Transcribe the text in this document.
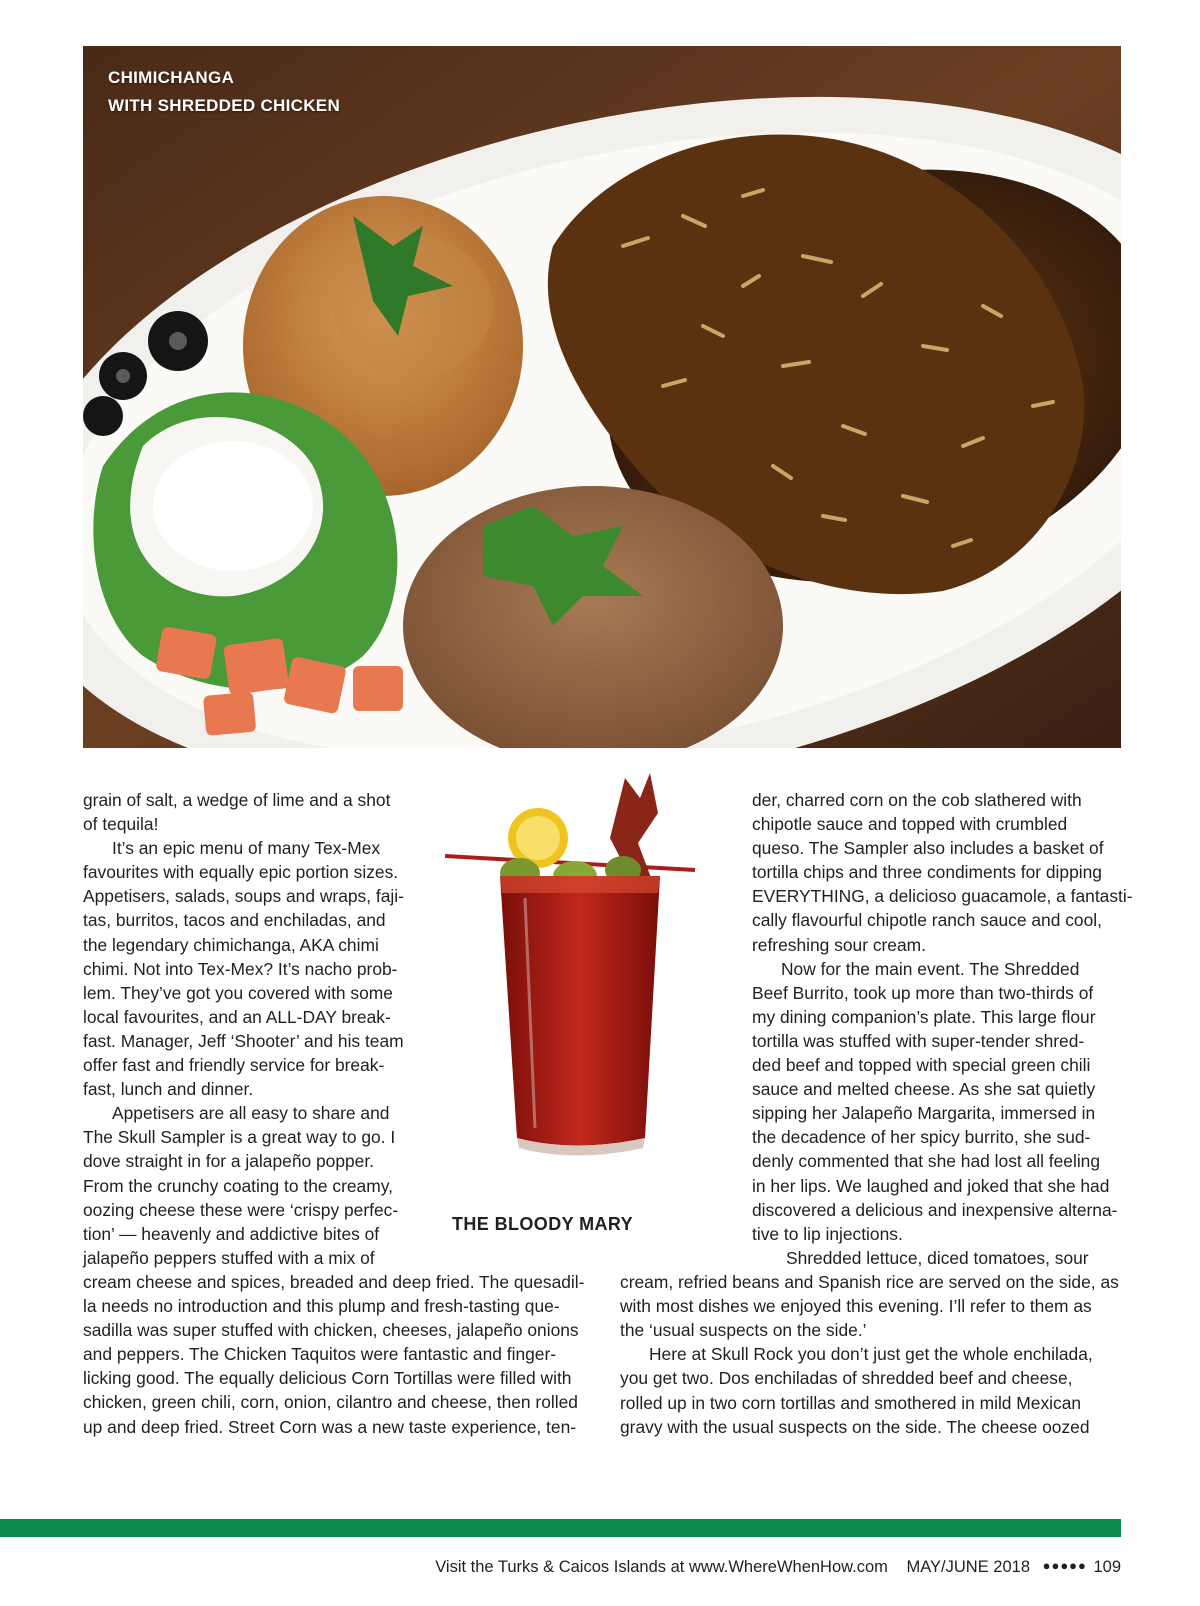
CHIMICHANGA
WITH SHREDDED CHICKEN

grain of salt, a wedge of lime and a shot

of tequila!

It’s an epic menu of many Tex-Mex

favourites with equally epic portion sizes.

Appetisers, salads, soups and wraps, faji-

tas, burritos, tacos and enchiladas, and

the legendary chimichanga, AKA chimi

chimi. Not into Tex-Mex? It’s nacho prob-

lem. They’ve got you covered with some

local favourites, and an ALL-DAY break-

fast. Manager, Jeff ‘Shooter’ and his team

offer fast and friendly service for break-

fast, lunch and dinner.

Appetisers are all easy to share and

The Skull Sampler is a great way to go. I

dove straight in for a jalapeño popper.

From the crunchy coating to the creamy,

oozing cheese these were ‘crispy perfec-

tion’ — heavenly and addictive bites of

jalapeño peppers stuffed with a mix of

THE BLOODY MARY

cream cheese and spices, breaded and deep fried. The quesadil-

la needs no introduction and this plump and fresh-tasting que-

sadilla was super stuffed with chicken, cheeses, jalapeño onions

and peppers. The Chicken Taquitos were fantastic and finger-

licking good. The equally delicious Corn Tortillas were filled with

chicken, green chili, corn, onion, cilantro and cheese, then rolled

up and deep fried. Street Corn was a new taste experience, ten-

der, charred corn on the cob slathered with

chipotle sauce and topped with crumbled

queso. The Sampler also includes a basket of

tortilla chips and three condiments for dipping

EVERYTHING, a delicioso guacamole, a fantasti-

cally flavourful chipotle ranch sauce and cool,

refreshing sour cream.

Now for the main event. The Shredded

Beef Burrito, took up more than two-thirds of

my dining companion’s plate. This large flour

tortilla was stuffed with super-tender shred-

ded beef and topped with special green chili

sauce and melted cheese. As she sat quietly

sipping her Jalapeño Margarita, immersed in

the decadence of her spicy burrito, she sud-

denly commented that she had lost all feeling

in her lips. We laughed and joked that she had

discovered a delicious and inexpensive alterna-

tive to lip injections.

Shredded lettuce, diced tomatoes, sour

cream, refried beans and Spanish rice are served on the side, as

with most dishes we enjoyed this evening. I’ll refer to them as

the ‘usual suspects on the side.’

Here at Skull Rock you don’t just get the whole enchilada,

you get two. Dos enchiladas of shredded beef and cheese,

rolled up in two corn tortillas and smothered in mild Mexican

gravy with the usual suspects on the side. The cheese oozed

Visit the Turks & Caicos Islands at www.WhereWhenHow.com MAY/JUNE 2018 ●●●●● 109
